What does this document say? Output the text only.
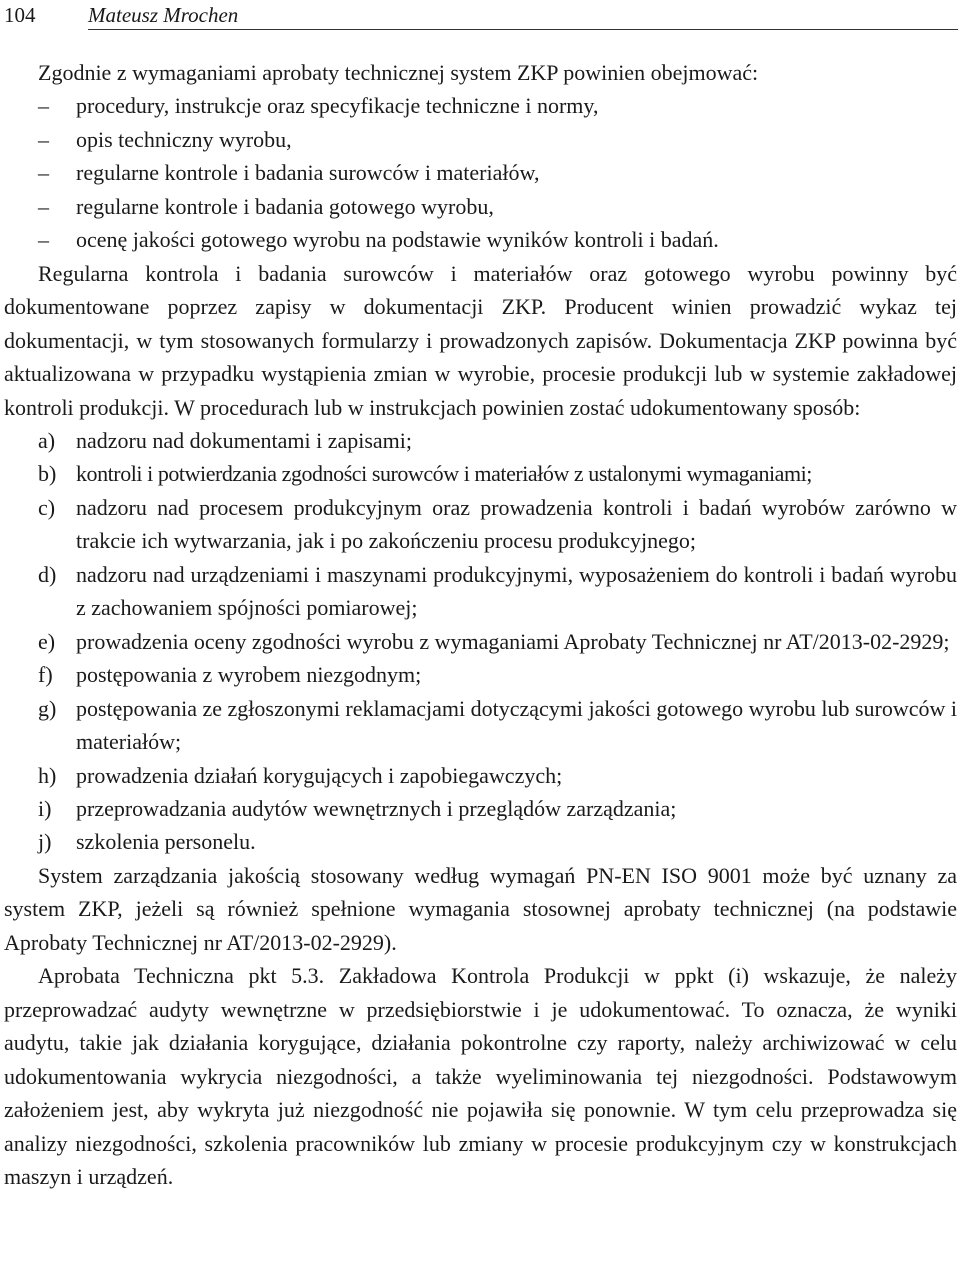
104	Mateusz Mrochen

Zgodnie z wymaganiami aprobaty technicznej system ZKP powinien obejmować:

– procedury, instrukcje oraz specyfikacje techniczne i normy,
– opis techniczny wyrobu,
– regularne kontrole i badania surowców i materiałów,
– regularne kontrole i badania gotowego wyrobu,
– ocenę jakości gotowego wyrobu na podstawie wyników kontroli i badań.

Regularna kontrola i badania surowców i materiałów oraz gotowego wyrobu powinny być dokumentowane poprzez zapisy w dokumentacji ZKP. Producent winien prowadzić wykaz tej dokumentacji, w tym stosowanych formularzy i prowadzonych zapisów. Dokumentacja ZKP powinna być aktualizowana w przypadku wystąpienia zmian w wyrobie, procesie produkcji lub w systemie zakładowej kontroli produkcji. W procedurach lub w instrukcjach powinien zostać udokumentowany sposób:

a) nadzoru nad dokumentami i zapisami;
b) kontroli i potwierdzania zgodności surowców i materiałów z ustalonymi wymaganiami;
c) nadzoru nad procesem produkcyjnym oraz prowadzenia kontroli i badań wyrobów zarówno w trakcie ich wytwarzania, jak i po zakończeniu procesu produkcyjnego;
d) nadzoru nad urządzeniami i maszynami produkcyjnymi, wyposażeniem do kontroli i badań wyrobu z zachowaniem spójności pomiarowej;
e) prowadzenia oceny zgodności wyrobu z wymaganiami Aprobaty Technicznej nr AT/2013-02-2929;
f) postępowania z wyrobem niezgodnym;
g) postępowania ze zgłoszonymi reklamacjami dotyczącymi jakości gotowego wyrobu lub surowców i materiałów;
h) prowadzenia działań korygujących i zapobiegawczych;
i) przeprowadzania audytów wewnętrznych i przeglądów zarządzania;
j) szkolenia personelu.

System zarządzania jakością stosowany według wymagań PN-EN ISO 9001 może być uznany za system ZKP, jeżeli są również spełnione wymagania stosownej aprobaty technicznej (na podstawie Aprobaty Technicznej nr AT/2013-02-2929).

Aprobata Techniczna pkt 5.3. Zakładowa Kontrola Produkcji w ppkt (i) wskazuje, że należy przeprowadzać audyty wewnętrzne w przedsiębiorstwie i je udokumentować. To oznacza, że wyniki audytu, takie jak działania korygujące, działania pokontrolne czy raporty, należy archiwizować w celu udokumentowania wykrycia niezgodności, a także wyeliminowania tej niezgodności. Podstawowym założeniem jest, aby wykryta już niezgodność nie pojawiła się ponownie. W tym celu przeprowadza się analizy niezgodności, szkolenia pracowników lub zmiany w procesie produkcyjnym czy w konstrukcjach maszyn i urządzeń.
